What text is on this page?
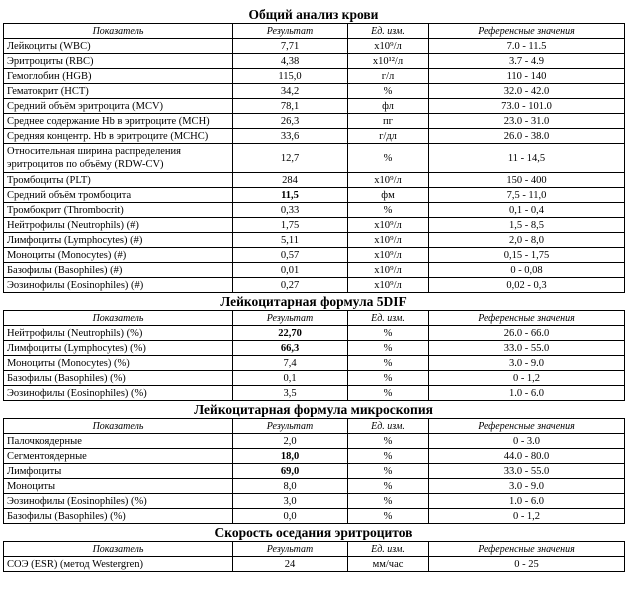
Общий анализ крови
Показатель	Результат	Ед. изм.	Референсные значения
Лейкоциты (WBC)	7,71	x10⁹/л	7.0 - 11.5
Эритроциты (RBC)	4,38	x10¹²/л	3.7 - 4.9
Гемоглобин (HGB)	115,0	г/л	110 - 140
Гематокрит (HCT)	34,2	%	32.0 - 42.0
Средний объём эритроцита (MCV)	78,1	фл	73.0 - 101.0
Среднее содержание Hb в эритроците (MCH)	26,3	пг	23.0 - 31.0
Средняя концентр. Hb в эритроците (MCHC)	33,6	г/дл	26.0 - 38.0
Относительная ширина распределения эритроцитов по объёму (RDW-CV)	12,7	%	11 - 14,5
Тромбоциты (PLT)	284	x10⁹/л	150 - 400
Средний объём тромбоцита	11,5	фм	7,5 - 11,0
Тромбокрит (Thrombocrit)	0,33	%	0,1 - 0,4
Нейтрофилы (Neutrophils) (#)	1,75	x10⁹/л	1,5 - 8,5
Лимфоциты (Lymphocytes) (#)	5,11	x10⁹/л	2,0 - 8,0
Моноциты (Monocytes) (#)	0,57	x10⁹/л	0,15 - 1,75
Базофилы (Basophiles) (#)	0,01	x10⁹/л	0 - 0,08
Эозинофилы (Eosinophiles) (#)	0,27	x10⁹/л	0,02 - 0,3
Лейкоцитарная формула 5DIF
Показатель	Результат	Ед. изм.	Референсные значения
Нейтрофилы (Neutrophils) (%)	22,70	%	26.0 - 66.0
Лимфоциты (Lymphocytes) (%)	66,3	%	33.0 - 55.0
Моноциты (Monocytes) (%)	7,4	%	3.0 - 9.0
Базофилы (Basophiles) (%)	0,1	%	0 - 1,2
Эозинофилы (Eosinophiles) (%)	3,5	%	1.0 - 6.0
Лейкоцитарная формула микроскопия
Показатель	Результат	Ед. изм.	Референсные значения
Палочкоядерные	2,0	%	0 - 3.0
Сегментоядерные	18,0	%	44.0 - 80.0
Лимфоциты	69,0	%	33.0 - 55.0
Моноциты	8,0	%	3.0 - 9.0
Эозинофилы (Eosinophiles) (%)	3,0	%	1.0 - 6.0
Базофилы (Basophiles) (%)	0,0	%	0 - 1,2
Скорость оседания эритроцитов
Показатель	Результат	Ед. изм.	Референсные значения
СОЭ (ESR) (метод Westergren)	24	мм/час	0 - 25
